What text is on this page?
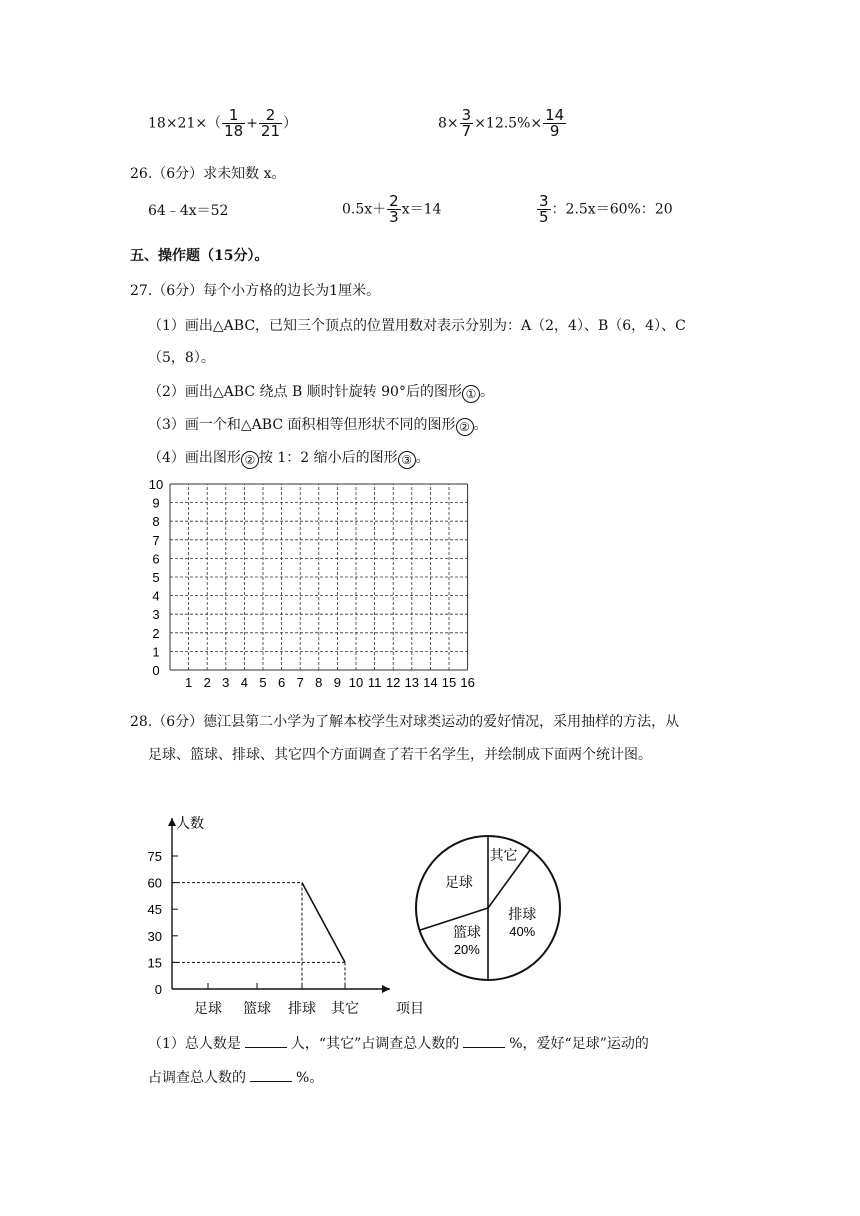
$18\times 21\times( \frac{1}{18} + \frac{2}{21}$ ）	$8\times \frac{3}{7} \times 12.5\%\times \frac{14}{9}$
26.（6分）求未知数 x。
64﹣4x＝52	$0.5x+ \frac{2}{3} x=14$	$\frac{3}{5}$ ：2.5x＝60%：20
五、操作题（15分）。
27.（6分）每个小方格的边长为1厘米。
（1）画出△ABC，已知三个顶点的位置用数对表示分别为：A（2，4）、B（6，4）、C
（5，8）。
（2）画出△ABC 绕点 B 顺时针旋转 90°后的图形 ① 。
（3）画一个和△ABC 面积相等但形状不同的图形 ② 。
（4）画出图形 ② 按 1：2 缩小后的图形 ③ 。
0
1
2
3
4
5
6
7
8
9
10
1 2 3 4 5 6 7 8 9 10 11 12 13 14 15 16
28.（6分）德江县第二小学为了解本校学生对球类运动的爱好情况，采用抽样的方法，从
足球、篮球、排球、其它四个方面调查了若干名学生，并绘制成下面两个统计图。
人数
项目
0
15
30
45
60
75
足球 篮球 排球 其它
其它
排球
40%
篮球
20%
足球
（1）总人数是	人，“其它”占调查总人数的	%，爱好“足球”运动的
占调查总人数的	%。
